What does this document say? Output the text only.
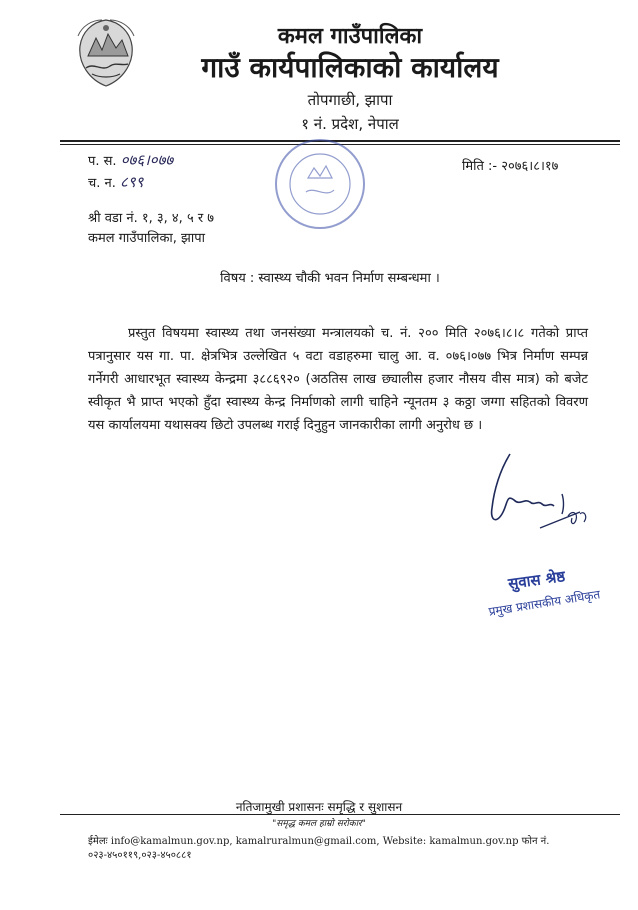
कमल गाउँपालिका
गाउँ कार्यपालिकाको कार्यालय
तोपगाछी, झापा
१ नं. प्रदेश, नेपाल
प. स. ०७६।०७७
च. न. ८९९
मिति :- २०७६।८।१७
श्री वडा नं. १, ३, ४, ५ र ७
कमल गाउँपालिका, झापा
विषय : स्वास्थ्य चौकी भवन निर्माण सम्बन्धमा ।
प्रस्तुत विषयमा स्वास्थ्य तथा जनसंख्या मन्त्रालयको च. नं. २०० मिति २०७६।८।८ गतेको प्राप्त पत्रानुसार यस गा. पा. क्षेत्रभित्र उल्लेखित ५ वटा वडाहरुमा चालु आ. व. ०७६।०७७ भित्र निर्माण सम्पन्न गर्नेगरी आधारभूत स्वास्थ्य केन्द्रमा ३८८६९२० (अठतिस लाख छ्यालीस हजार नौसय वीस मात्र) को बजेट स्वीकृत भै प्राप्त भएको हुँदा स्वास्थ्य केन्द्र निर्माणको लागी चाहिने न्यूनतम ३ कठ्ठा जग्गा सहितको विवरण यस कार्यालयमा यथासक्य छिटो उपलब्ध गराई दिनुहुन जानकारीका लागी अनुरोध छ ।
सुवास श्रेष्ठ
प्रमुख प्रशासकीय अधिकृत
नतिजामुखी प्रशासनः समृद्धि र सुशासन
"समृद्ध कमल हाम्रो सरोकार"
ईमेलः info@kamalmun.gov.np, kamalruralmun@gmail.com, Website: kamalmun.gov.np फोन नं. ०२३-४५०११९,०२३-४५०८८१
